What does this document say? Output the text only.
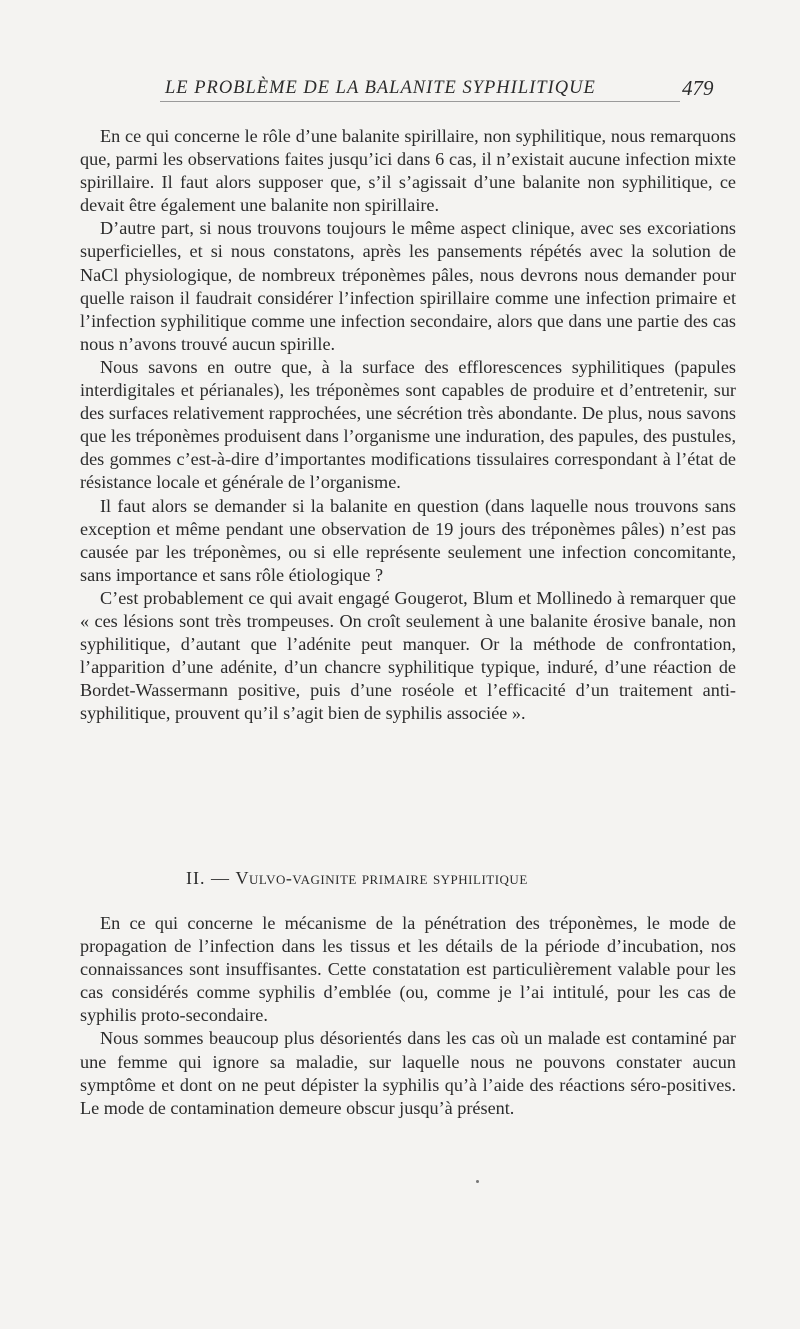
LE PROBLÈME DE LA BALANITE SYPHILITIQUE	479

En ce qui concerne le rôle d’une balanite spirillaire, non syphilitique, nous remarquons que, parmi les observations faites jusqu’ici dans 6 cas, il n’existait aucune infection mixte spirillaire. Il faut alors supposer que, s’il s’agissait d’une balanite non syphilitique, ce devait être également une balanite non spirillaire.

D’autre part, si nous trouvons toujours le même aspect clinique, avec ses excoriations superficielles, et si nous constatons, après les pansements répétés avec la solution de NaCl physiologique, de nombreux tréponèmes pâles, nous devrons nous demander pour quelle raison il faudrait considérer l’infection spirillaire comme une infection primaire et l’infection syphilitique comme une infection secondaire, alors que dans une partie des cas nous n’avons trouvé aucun spirille.

Nous savons en outre que, à la surface des efflorescences syphilitiques (papules interdigitales et périanales), les tréponèmes sont capables de produire et d’entretenir, sur des surfaces relativement rapprochées, une sécrétion très abondante. De plus, nous savons que les tréponèmes produisent dans l’organisme une induration, des papules, des pustules, des gommes c’est-à-dire d’importantes modifications tissulaires correspondant à l’état de résistance locale et générale de l’organisme.

Il faut alors se demander si la balanite en question (dans laquelle nous trouvons sans exception et même pendant une observation de 19 jours des tréponèmes pâles) n’est pas causée par les tréponèmes, ou si elle représente seulement une infection concomitante, sans importance et sans rôle étiologique ?

C’est probablement ce qui avait engagé Gougerot, Blum et Mollinedo à remarquer que « ces lésions sont très trompeuses. On croît seulement à une balanite érosive banale, non syphilitique, d’autant que l’adénite peut manquer. Or la méthode de confrontation, l’apparition d’une adénite, d’un chancre syphilitique typique, induré, d’une réaction de Bordet-Wassermann positive, puis d’une roséole et l’efficacité d’un traitement anti-syphilitique, prouvent qu’il s’agit bien de syphilis associée ».

II. — Vulvo-vaginite primaire syphilitique

En ce qui concerne le mécanisme de la pénétration des tréponèmes, le mode de propagation de l’infection dans les tissus et les détails de la période d’incubation, nos connaissances sont insuffisantes. Cette constatation est particulièrement valable pour les cas considérés comme syphilis d’emblée (ou, comme je l’ai intitulé, pour les cas de syphilis proto-secondaire.

Nous sommes beaucoup plus désorientés dans les cas où un malade est contaminé par une femme qui ignore sa maladie, sur laquelle nous ne pouvons constater aucun symptôme et dont on ne peut dépister la syphilis qu’à l’aide des réactions séro-positives. Le mode de contamination demeure obscur jusqu’à présent.
